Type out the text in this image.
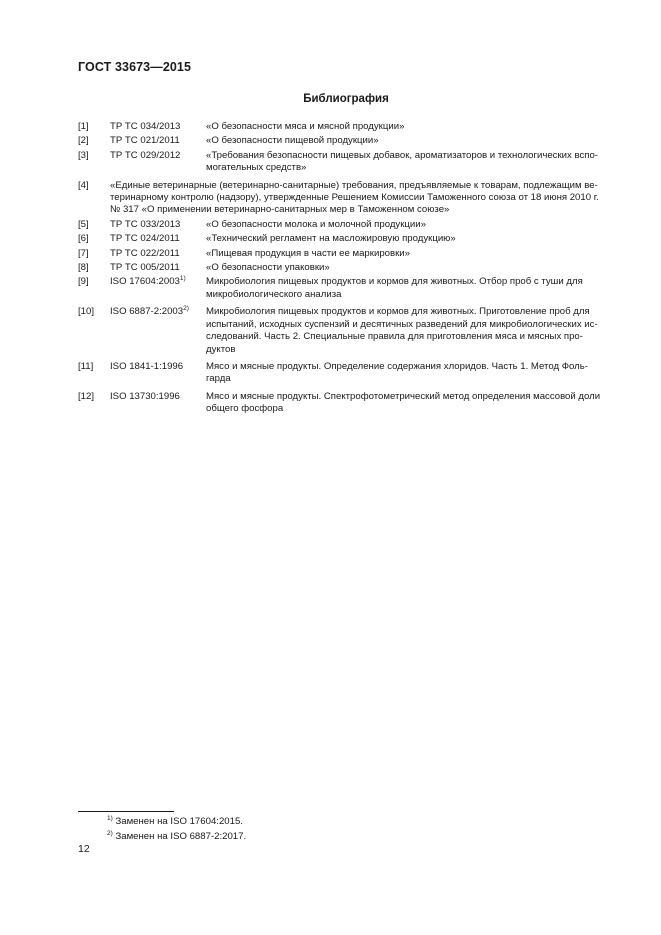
ГОСТ 33673—2015
Библиография
[1]	ТР ТС 034/2013	«О безопасности мяса и мясной продукции»
[2]	ТР ТС 021/2011	«О безопасности пищевой продукции»
[3]	ТР ТС 029/2012	«Требования безопасности пищевых добавок, ароматизаторов и технологических вспо-
могательных средств»
[4]	«Единые ветеринарные (ветеринарно-санитарные) требования, предъявляемые к товарам, подлежащим ве-
теринарному контролю (надзору), утвержденные Решением Комиссии Таможенного союза от 18 июня 2010 г.
№ 317 «О применении ветеринарно-санитарных мер в Таможенном союзе»
[5]	ТР ТС 033/2013	«О безопасности молока и молочной продукции»
[6]	ТР ТС 024/2011	«Технический регламент на масложировую продукцию»
[7]	ТР ТС 022/2011	«Пищевая продукция в части ее маркировки»
[8]	ТР ТС 005/2011	«О безопасности упаковки»
[9]	ISO 17604:2003$^{1)}$	Микробиология пищевых продуктов и кормов для животных. Отбор проб с туши для
микробиологического анализа
[10]	ISO 6887-2:2003$^{2)}$	Микробиология пищевых продуктов и кормов для животных. Приготовление проб для
испытаний, исходных суспензий и десятичных разведений для микробиологических ис-
следований. Часть 2. Специальные правила для приготовления мяса и мясных про-
дуктов
[11]	ISO 1841-1:1996	Мясо и мясные продукты. Определение содержания хлоридов. Часть 1. Метод Фоль-
гарда
[12]	ISO 13730:1996	Мясо и мясные продукты. Спектрофотометрический метод определения массовой доли
общего фосфора
$^{1)}$ Заменен на ISO 17604:2015.
$^{2)}$ Заменен на ISO 6887-2:2017.
12
